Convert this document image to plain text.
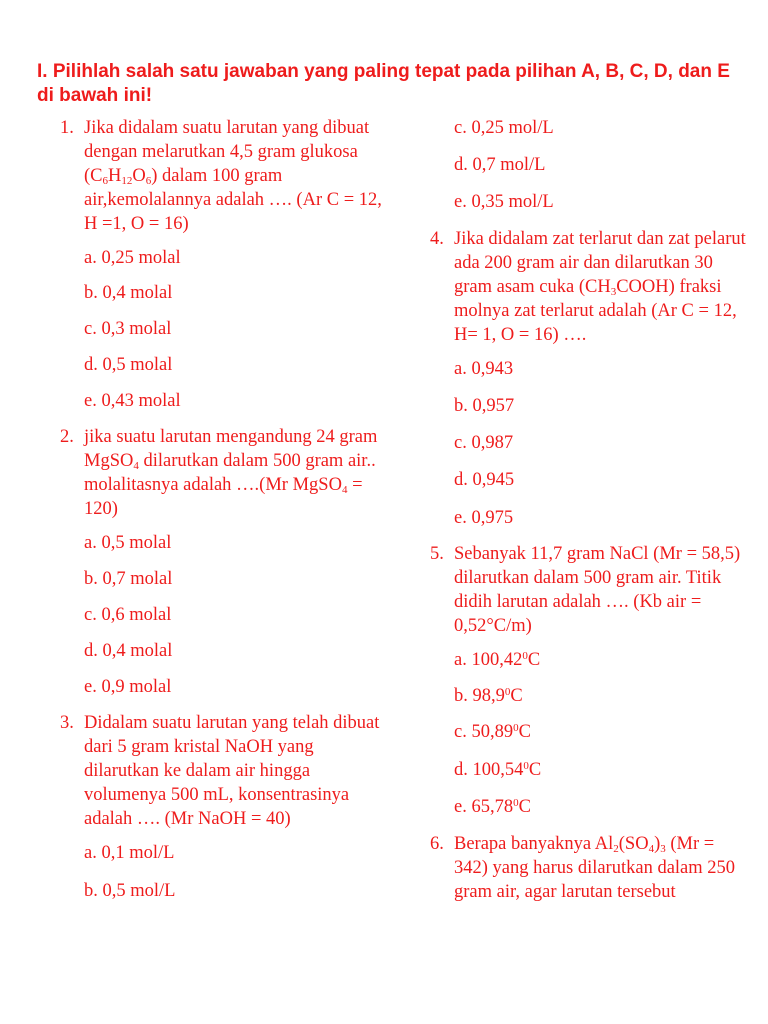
I. Pilihlah salah satu jawaban yang paling tepat pada pilihan A, B, C, D, dan E di bawah ini!
1. Jika didalam suatu larutan yang dibuat dengan melarutkan 4,5 gram glukosa $(C_6H_{12}O_6)$ dalam 100 gram air,kemolalannya adalah …. (Ar C = 12, H =1, O = 16)
a. 0,25 molal
b. 0,4 molal
c. 0,3 molal
d. 0,5 molal
e. 0,43 molal
2. jika suatu larutan mengandung 24 gram MgSO$_4$ dilarutkan dalam 500 gram air.. molalitasnya adalah ….(Mr MgSO$_4$ = 120)
a. 0,5 molal
b. 0,7 molal
c. 0,6 molal
d. 0,4 molal
e. 0,9 molal
3. Didalam suatu larutan yang telah dibuat dari 5 gram kristal NaOH yang dilarutkan ke dalam air hingga volumenya 500 mL, konsentrasinya adalah …. (Mr NaOH = 40)
a. 0,1 mol/L
b. 0,5 mol/L
c. 0,25 mol/L
d. 0,7 mol/L
e. 0,35 mol/L
4. Jika didalam zat terlarut dan zat pelarut ada 200 gram air dan dilarutkan 30 gram asam cuka $(CH_3COOH)$ fraksi molnya zat terlarut adalah (Ar C = 12, H= 1, O = 16) ….
a. 0,943
b. 0,957
c. 0,987
d. 0,945
e. 0,975
5. Sebanyak 11,7 gram NaCl (Mr = 58,5) dilarutkan dalam 500 gram air. Titik didih larutan adalah …. (Kb air = 0,52°C/m)
a. 100,42$^0$C
b. 98,9$^0$C
c. 50,89$^0$C
d. 100,54$^0$C
e. 65,78$^0$C
6. Berapa banyaknya $Al_2(SO_4)_3$ (Mr = 342) yang harus dilarutkan dalam 250 gram air, agar larutan tersebut
